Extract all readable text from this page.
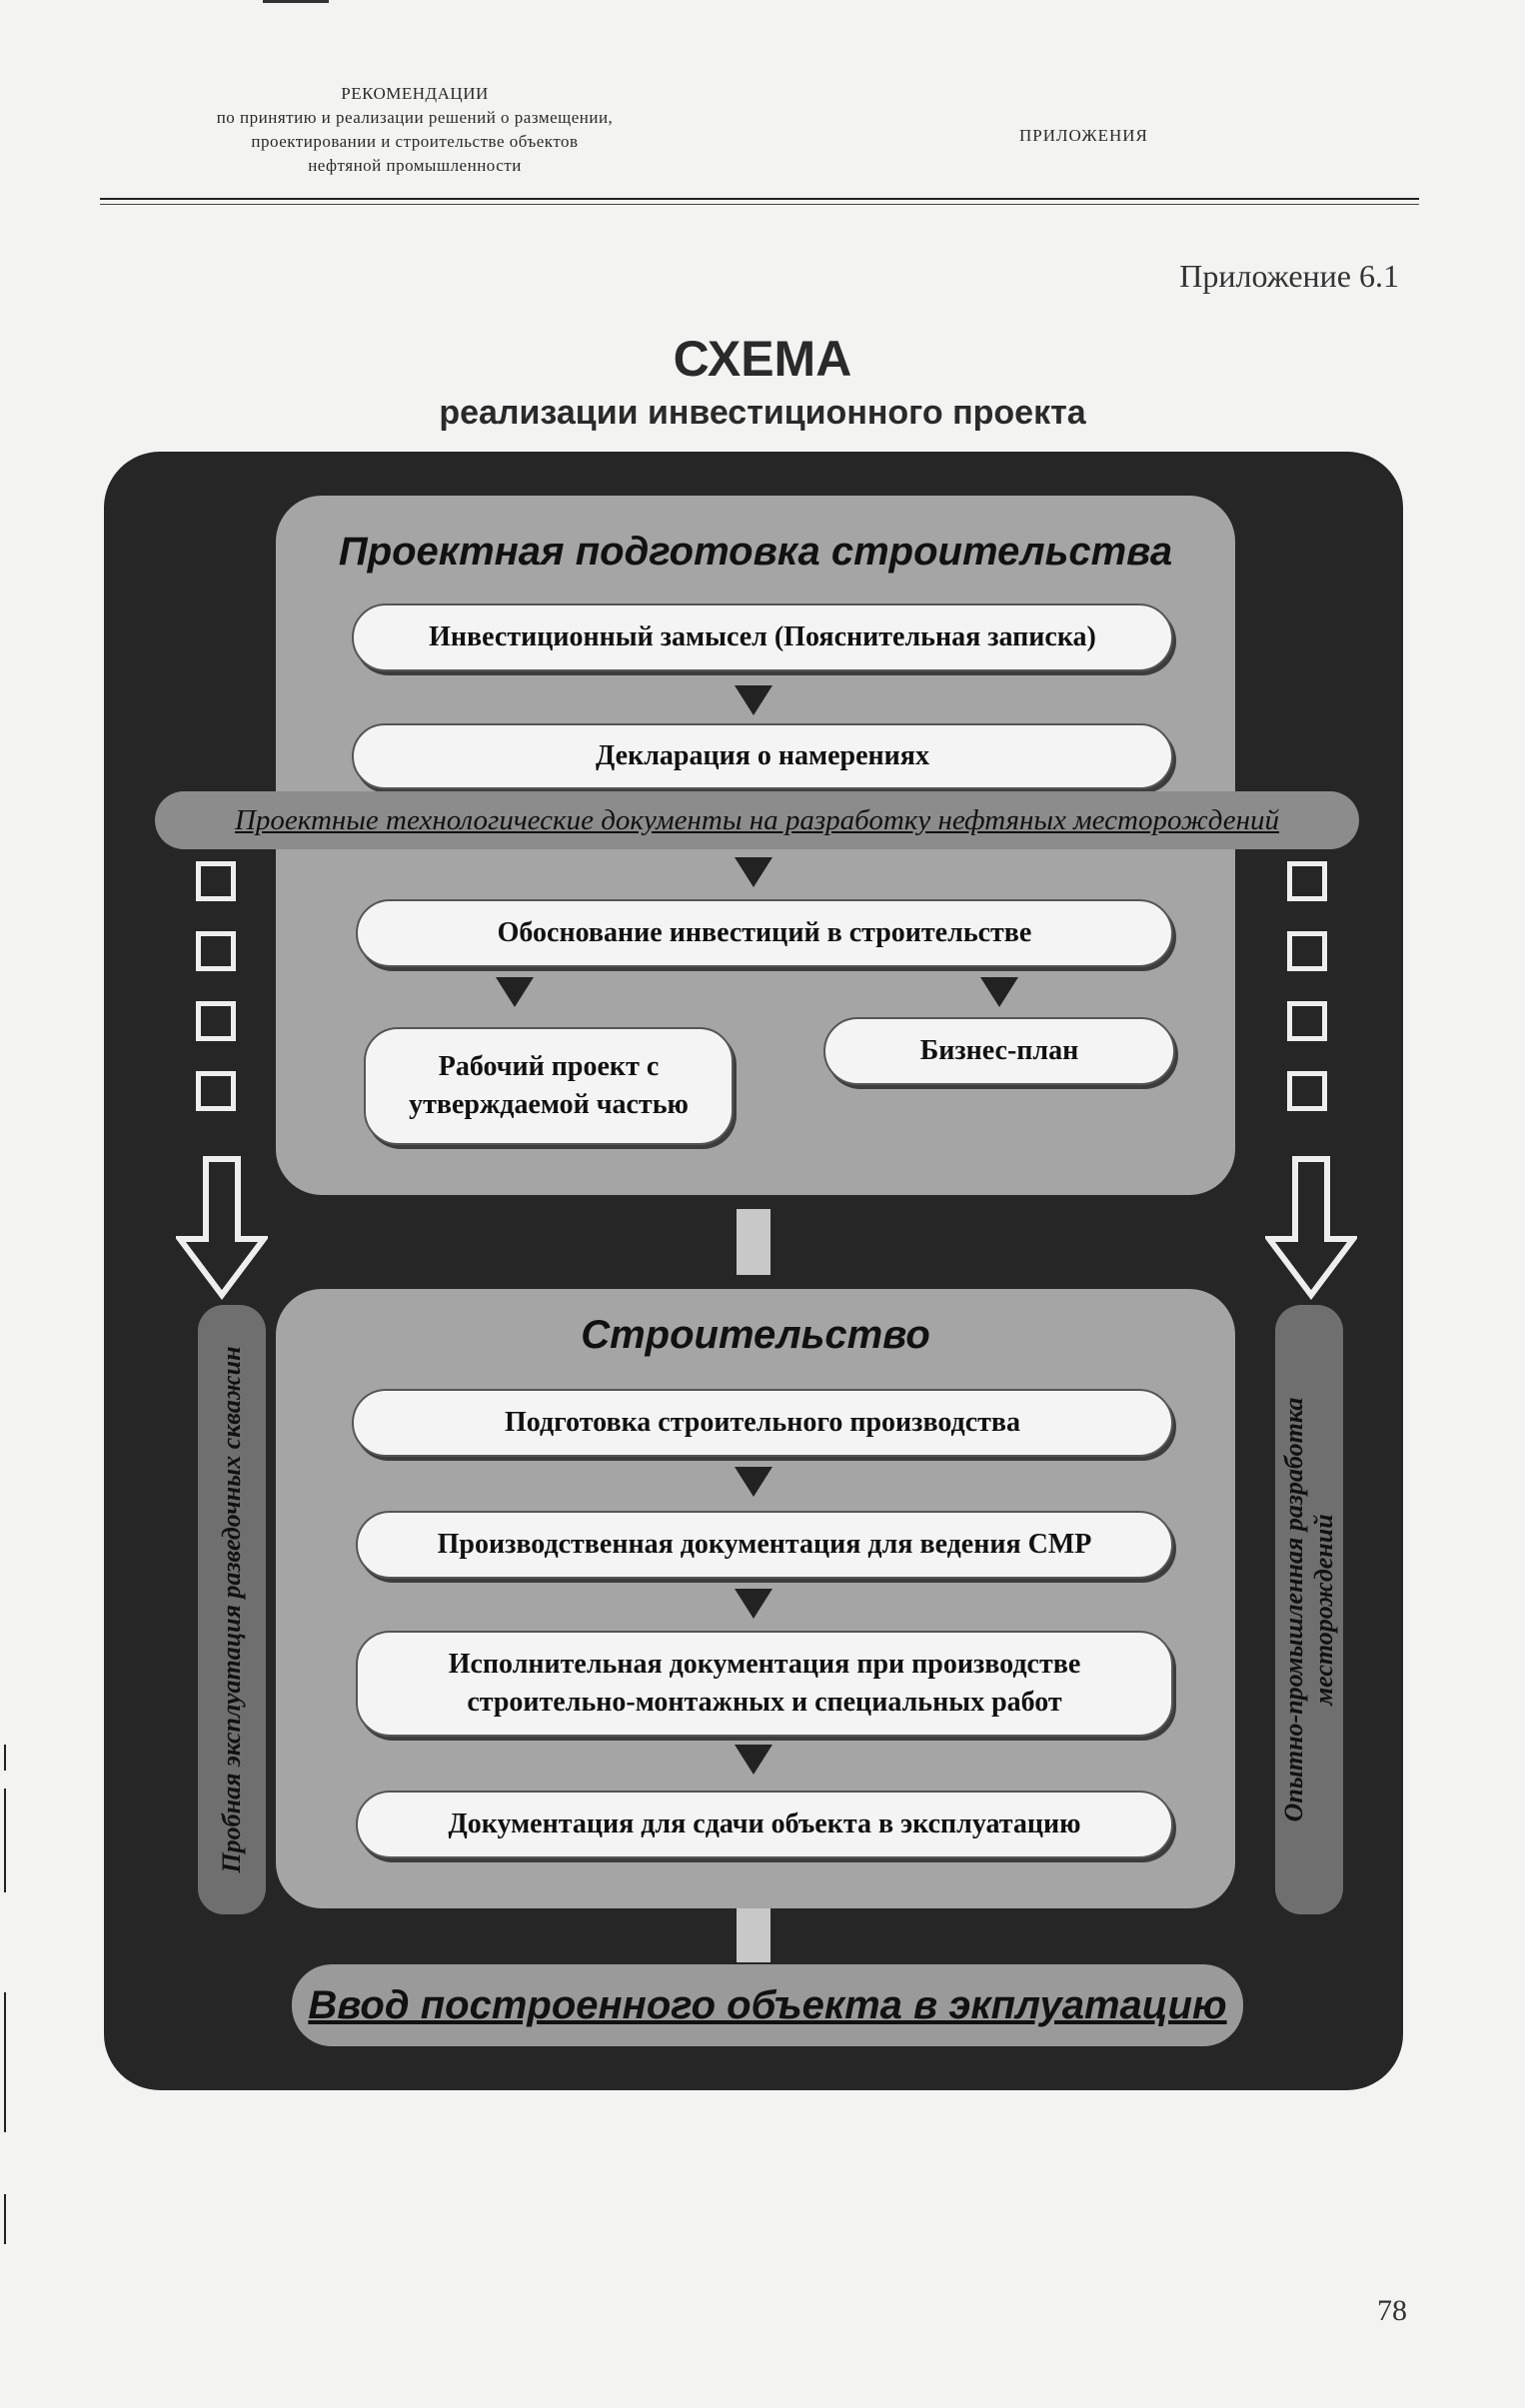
РЕКОМЕНДАЦИИ
по принятию и реализации решений о размещении,
проектировании и строительстве объектов
нефтяной промышленности
ПРИЛОЖЕНИЯ
Приложение 6.1
СХЕМА
реализации инвестиционного проекта
Проектная подготовка строительства
Инвестиционный замысел (Пояснительная записка)
Декларация о намерениях
Проектные технологические документы на разработку нефтяных месторождений
Обоснование инвестиций в строительстве
Рабочий проект с утверждаемой частью
Бизнес-план
Строительство
Подготовка строительного производства
Производственная документация для ведения СМР
Исполнительная документация при производстве строительно-монтажных и специальных работ
Документация для сдачи объекта в эксплуатацию
Пробная эксплуатация разведочных скважин	Опытно-промышленная разработка месторождений
Ввод построенного объекта в экплуатацию
78
